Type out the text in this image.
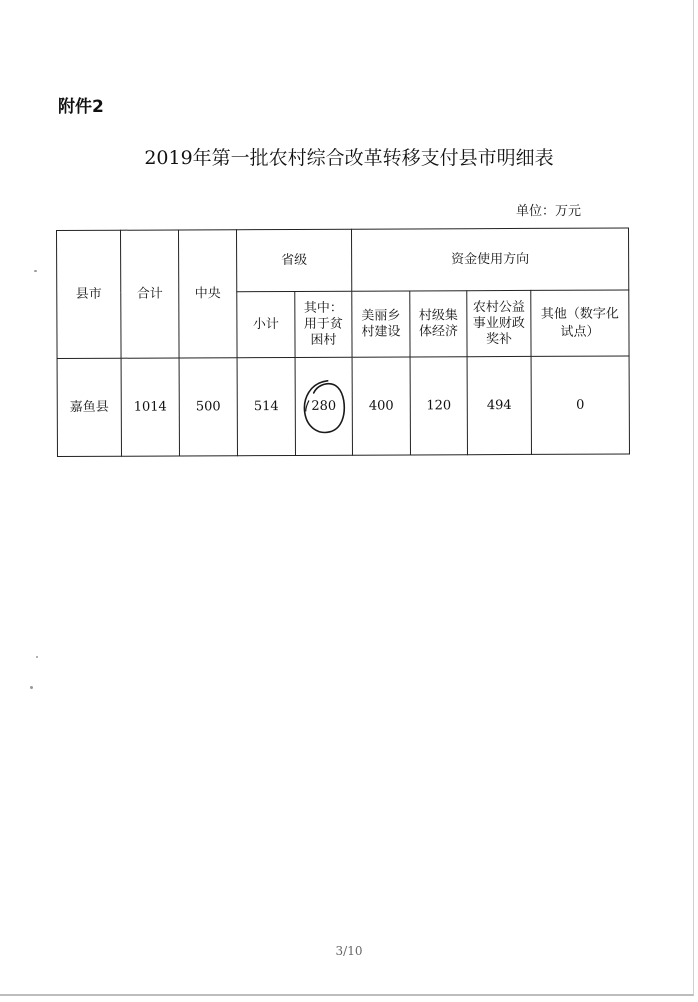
附件2
2019年第一批农村综合改革转移支付县市明细表
单位：万元
县市	合计	中央	省级		资金使用方向			
			小计	其中：用于贫困村	美丽乡村建设	村级集体经济	农村公益事业财政奖补	其他（数字化试点）
嘉鱼县	1014	500	514	280	400	120	494	0
3/10
